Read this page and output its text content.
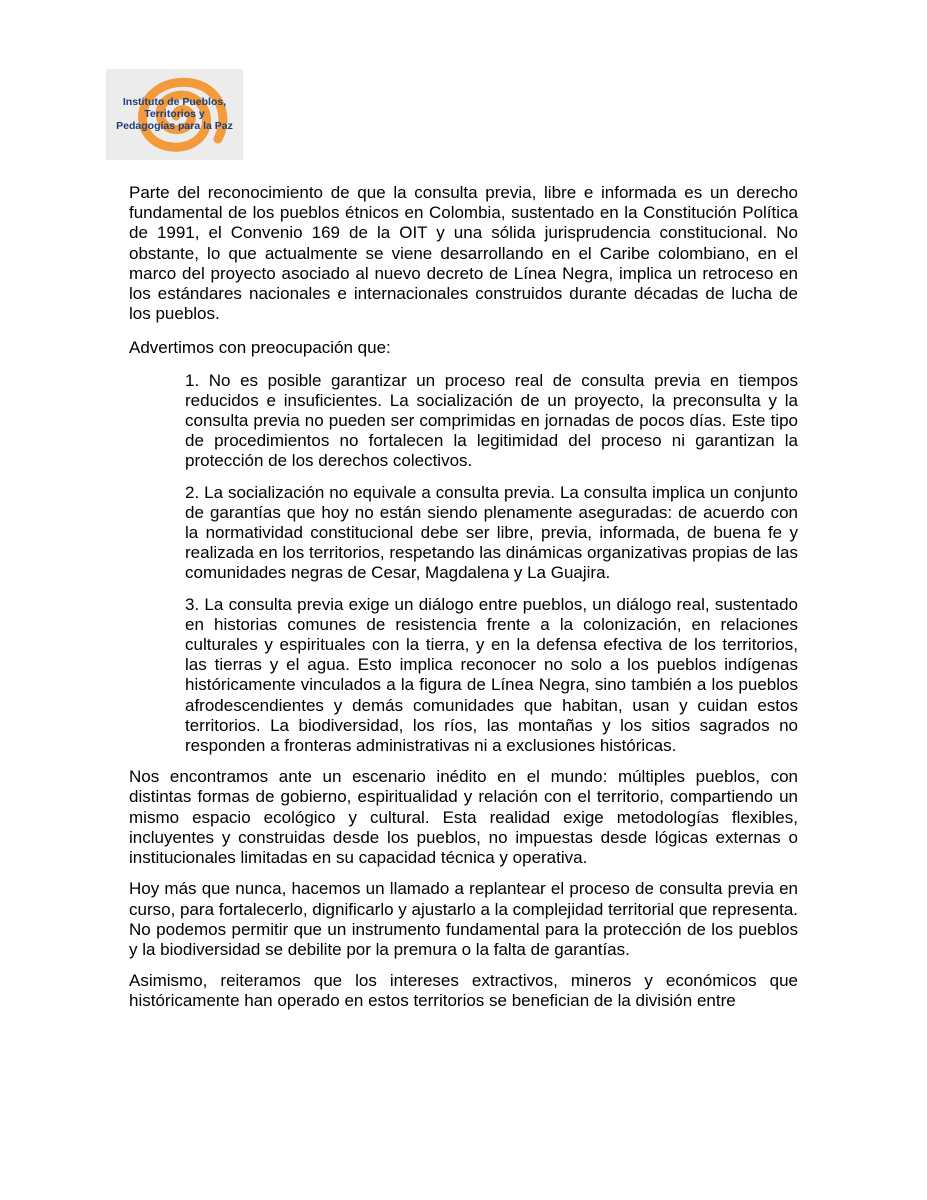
Instituto de Pueblos,
Territorios y
Pedagogías para la Paz

Parte del reconocimiento de que la consulta previa, libre e informada es un derecho fundamental de los pueblos étnicos en Colombia, sustentado en la Constitución Política de 1991, el Convenio 169 de la OIT y una sólida jurisprudencia constitucional. No obstante, lo que actualmente se viene desarrollando en el Caribe colombiano, en el marco del proyecto asociado al nuevo decreto de Línea Negra, implica un retroceso en los estándares nacionales e internacionales construidos durante décadas de lucha de los pueblos.

Advertimos con preocupación que:

1. No es posible garantizar un proceso real de consulta previa en tiempos reducidos e insuficientes. La socialización de un proyecto, la preconsulta y la consulta previa no pueden ser comprimidas en jornadas de pocos días. Este tipo de procedimientos no fortalecen la legitimidad del proceso ni garantizan la protección de los derechos colectivos.

2. La socialización no equivale a consulta previa. La consulta implica un conjunto de garantías que hoy no están siendo plenamente aseguradas: de acuerdo con la normatividad constitucional debe ser libre, previa, informada, de buena fe y realizada en los territorios, respetando las dinámicas organizativas propias de las comunidades negras de Cesar, Magdalena y La Guajira.

3. La consulta previa exige un diálogo entre pueblos, un diálogo real, sustentado en historias comunes de resistencia frente a la colonización, en relaciones culturales y espirituales con la tierra, y en la defensa efectiva de los territorios, las tierras y el agua. Esto implica reconocer no solo a los pueblos indígenas históricamente vinculados a la figura de Línea Negra, sino también a los pueblos afrodescendientes y demás comunidades que habitan, usan y cuidan estos territorios. La biodiversidad, los ríos, las montañas y los sitios sagrados no responden a fronteras administrativas ni a exclusiones históricas.

Nos encontramos ante un escenario inédito en el mundo: múltiples pueblos, con distintas formas de gobierno, espiritualidad y relación con el territorio, compartiendo un mismo espacio ecológico y cultural. Esta realidad exige metodologías flexibles, incluyentes y construidas desde los pueblos, no impuestas desde lógicas externas o institucionales limitadas en su capacidad técnica y operativa.

Hoy más que nunca, hacemos un llamado a replantear el proceso de consulta previa en curso, para fortalecerlo, dignificarlo y ajustarlo a la complejidad territorial que representa. No podemos permitir que un instrumento fundamental para la protección de los pueblos y la biodiversidad se debilite por la premura o la falta de garantías.

Asimismo, reiteramos que los intereses extractivos, mineros y económicos que históricamente han operado en estos territorios se benefician de la división entre
